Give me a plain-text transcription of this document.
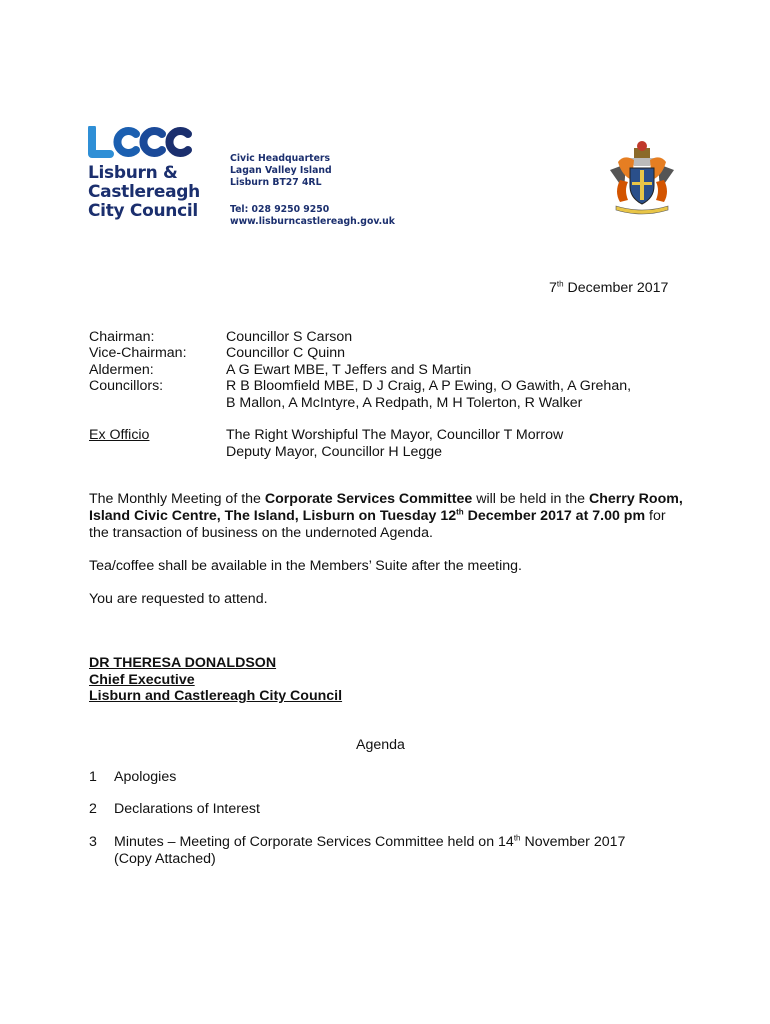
Lisburn &
Castlereagh
City Council
Civic Headquarters
Lagan Valley Island
Lisburn BT27 4RL
Tel: 028 9250 9250
www.lisburncastlereagh.gov.uk
7th December 2017
Chairman:	Councillor S Carson
Vice-Chairman:	Councillor C Quinn
Aldermen:	A G Ewart MBE, T Jeffers and S Martin
Councillors:	R B Bloomfield MBE, D J Craig, A P Ewing, O Gawith, A Grehan,
B Mallon, A McIntyre, A Redpath, M H Tolerton, R Walker
Ex Officio	The Right Worshipful The Mayor, Councillor T Morrow
Deputy Mayor, Councillor H Legge
The Monthly Meeting of the Corporate Services Committee will be held in the Cherry Room, Island Civic Centre, The Island, Lisburn on Tuesday 12th December 2017 at 7.00 pm for the transaction of business on the undernoted Agenda.
Tea/coffee shall be available in the Members’ Suite after the meeting.
You are requested to attend.
DR THERESA DONALDSON
Chief Executive
Lisburn and Castlereagh City Council
Agenda
1	Apologies
2	Declarations of Interest
3	Minutes – Meeting of Corporate Services Committee held on 14th November 2017
(Copy Attached)
